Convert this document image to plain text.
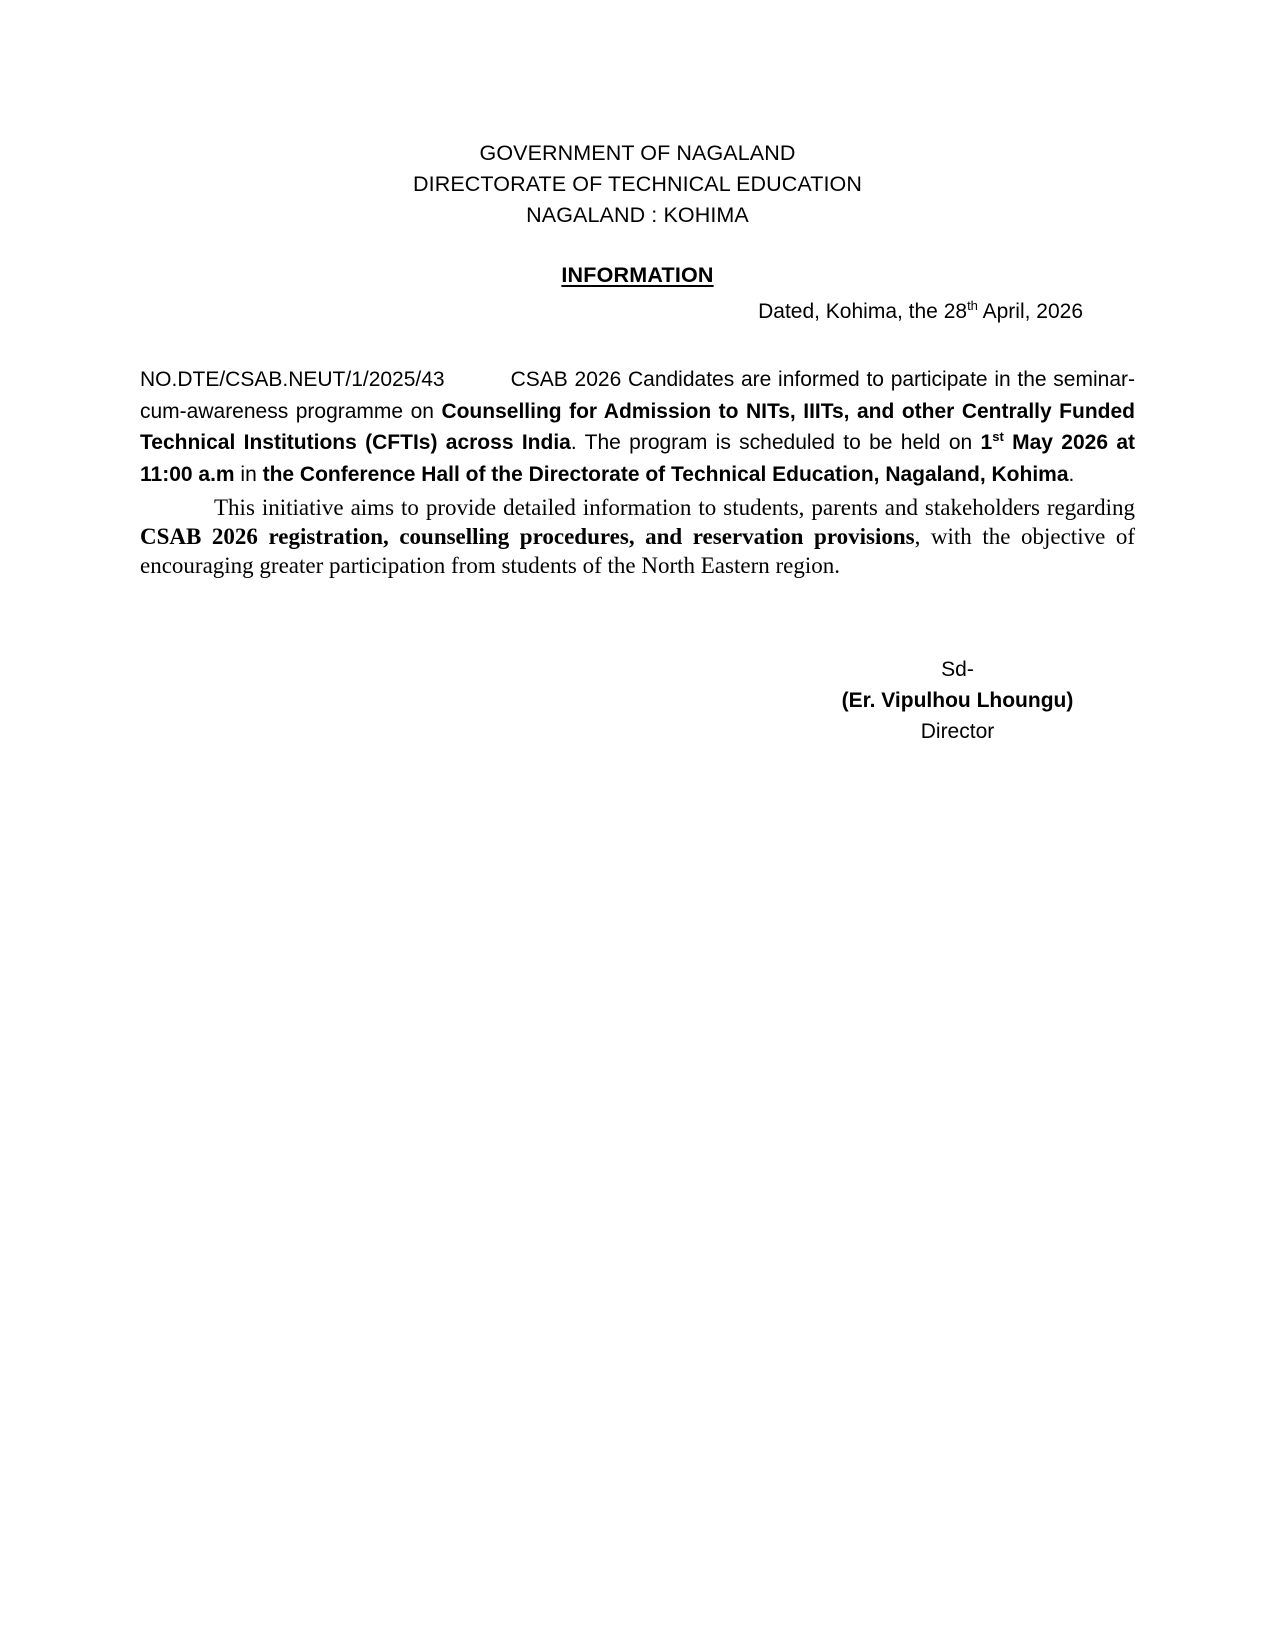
GOVERNMENT OF NAGALAND
DIRECTORATE OF TECHNICAL EDUCATION
NAGALAND : KOHIMA
INFORMATION
Dated, Kohima, the 28th April, 2026
NO.DTE/CSAB.NEUT/1/2025/43	CSAB 2026 Candidates are informed to participate in the seminar-cum-awareness programme on Counselling for Admission to NITs, IIITs, and other Centrally Funded Technical Institutions (CFTIs) across India. The program is scheduled to be held on 1st May 2026 at 11:00 a.m in the Conference Hall of the Directorate of Technical Education, Nagaland, Kohima.
This initiative aims to provide detailed information to students, parents and stakeholders regarding CSAB 2026 registration, counselling procedures, and reservation provisions, with the objective of encouraging greater participation from students of the North Eastern region.
Sd-
(Er. Vipulhou Lhoungu)
Director
